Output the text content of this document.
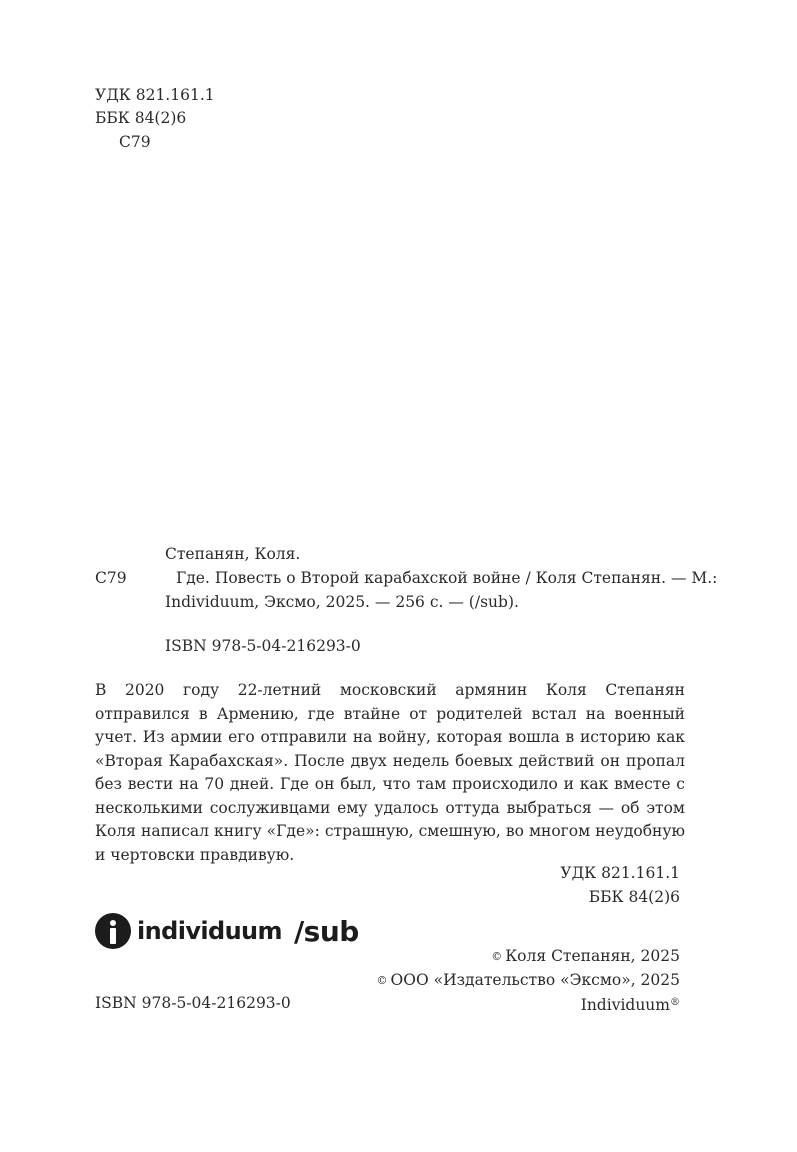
УДК 821.161.1
ББК 84(2)6
С79
Степанян, Коля.
С79	Где. Повесть о Второй карабахской войне / Коля Степанян. — М.:
Individuum, Эксмо, 2025. — 256 с. — (/sub).
ISBN 978-5-04-216293-0
В 2020 году 22-летний московский армянин Коля Степанян отправился в Армению, где втайне от родителей встал на военный учет. Из армии его отправили на войну, которая вошла в историю как «Вторая Карабахская». После двух недель боевых действий он пропал без вести на 70 дней. Где он был, что там происходило и как вместе с несколькими сослуживцами ему удалось оттуда выбраться — об этом Коля написал книгу «Где»: страшную, смешную, во многом неудобную и чертовски правдивую.
УДК 821.161.1
ББК 84(2)6
individuum /sub
© Коля Степанян, 2025
© ООО «Издательство «Эксмо», 2025
ISBN 978-5-04-216293-0	Individuum®
